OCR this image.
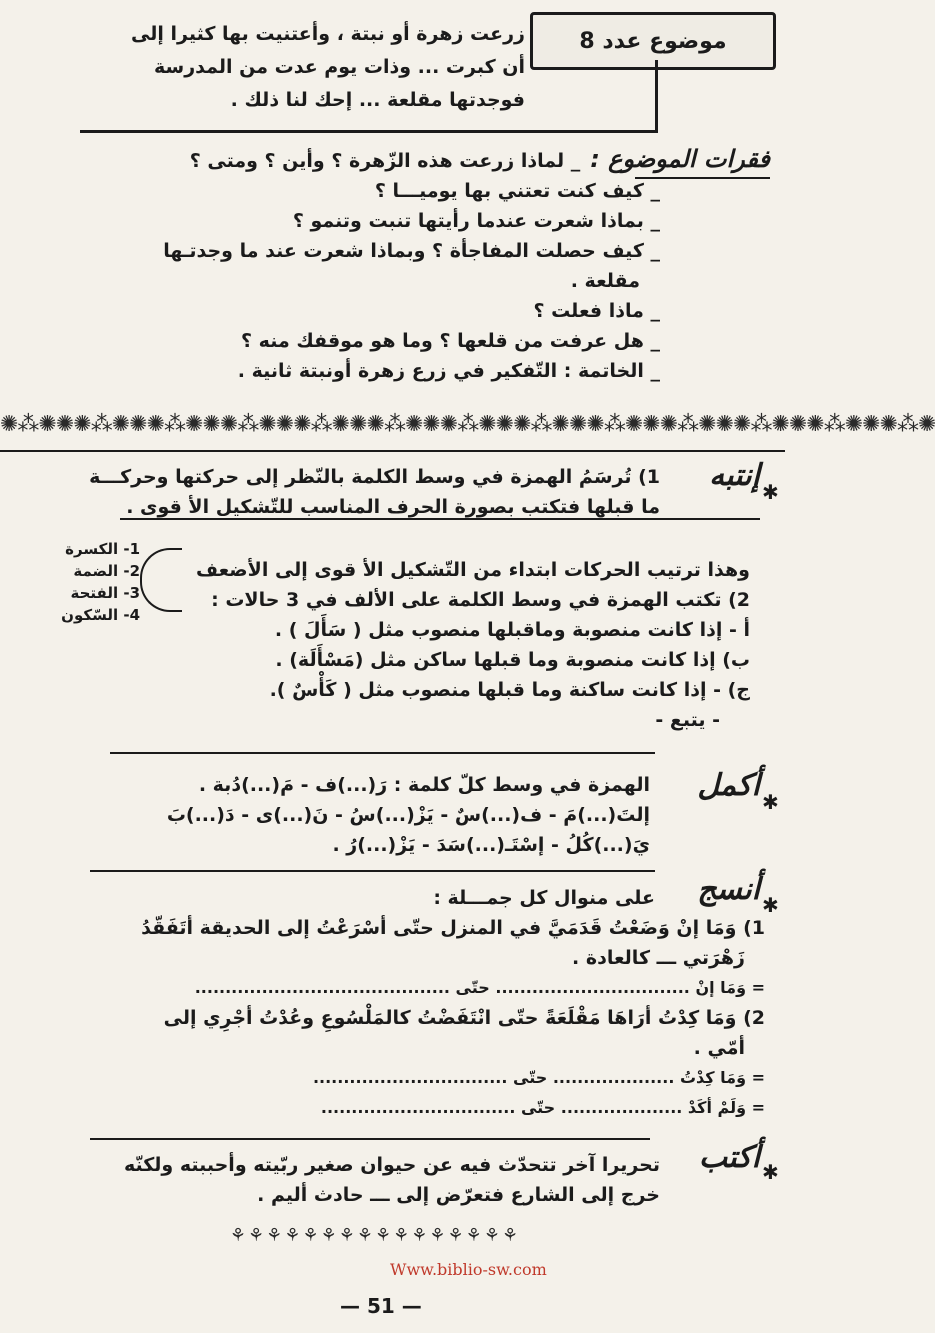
موضوع عدد 8
زرعت زهرة أو نبتة ، وأعتنيت بها كثيرا إلى
أن كبرت ... وذات يوم عدت من المدرسة
فوجدتها مقلعة ... إحك لنا ذلك .
فقرات الموضوع :
_ لماذا زرعت هذه الزّهرة ؟ وأين ؟ ومتى ؟
_ كيف كنت تعتني بها يوميـــا ؟
_ بماذا شعرت عندما رأيتها تنبت وتنمو ؟
_ كيف حصلت المفاجأة ؟ وبماذا شعرت عند ما وجدتـها
مقلعة .
_ ماذا فعلت ؟
_ هل عرفت من قلعها ؟ وما هو موقفك منه ؟
_ الخاتمة : التّفكير في زرع زهرة أونبتة ثانية .
✺⁂✺✺✺⁂✺✺✺⁂✺✺✺⁂✺✺✺⁂✺✺✺⁂✺✺✺⁂✺✺✺⁂✺✺✺⁂✺✺✺⁂✺✺✺⁂✺✺✺⁂✺✺✺⁂✺
✱
إنتبه
1) تُرسَمُ الهمزة في وسط الكلمة بالنّظر إلى حركتها وحركـــة
ما قبلها فتكتب بصورة الحرف المناسب للتّشكيل الأ قوى .
وهذا ترتيب الحركات ابتداء من التّشكيل الأ قوى إلى الأضعف
2) تكتب الهمزة في وسط الكلمة على الألف في 3 حالات :
أ - إذا كانت منصوبة وماقبلها منصوب مثل ( سَأَلَ ) .
ب) إذا كانت منصوبة وما قبلها ساكن مثل (مَسْأَلَة) .
ج) - إذا كانت ساكنة وما قبلها منصوب مثل ( كَأْسٌ ).
- يتبع -
1- الكسرة
2- الضمة
3- الفتحة
4- السّكون
✱
أكمل
الهمزة في وسط كلّ كلمة : رَ(...)ف - مَ(...)دُبة .
إلتَ(...)مَ - ف(...)سٌ - يَزْ(...)سُ - نَ(...)ى - دَ(...)بَ
يَ(...)كُلُ - إسْتَـ(...)سَدَ - يَزْ(...)رُ .
✱
أنسج
على منوال كل جمـــلة :
1) وَمَا إنْ وَضَعْتُ قَدَمَيَّ في المنزل حتّى أسْرَعْتُ إلى الحديقة أتَفَقّدُ
زَهْرَتي ـــ كالعادة .
= وَمَا إنْ ................................ حتّى ..........................................
2) وَمَا كِدْتُ أرَاهَا مَقْلَعَةً حتّى انْتَفَضْتُ كالمَلْسُوعِ وعُدْتُ أجْرِي إلى
أمّي .
= وَمَا كِدْتُ .................... حتّى ................................
= وَلَمْ أكَدْ .................... حتّى ................................
✱
أكتب
تحريرا آخر تتحدّث فيه عن حيوان صغير ربّيته وأحببته ولكنّه
خرج إلى الشارع فتعرّض إلى ـــ حادث أليم .
⚘⚘⚘⚘⚘⚘⚘⚘⚘⚘⚘⚘⚘⚘⚘⚘
Www.biblio-sw.com
— 51 —
